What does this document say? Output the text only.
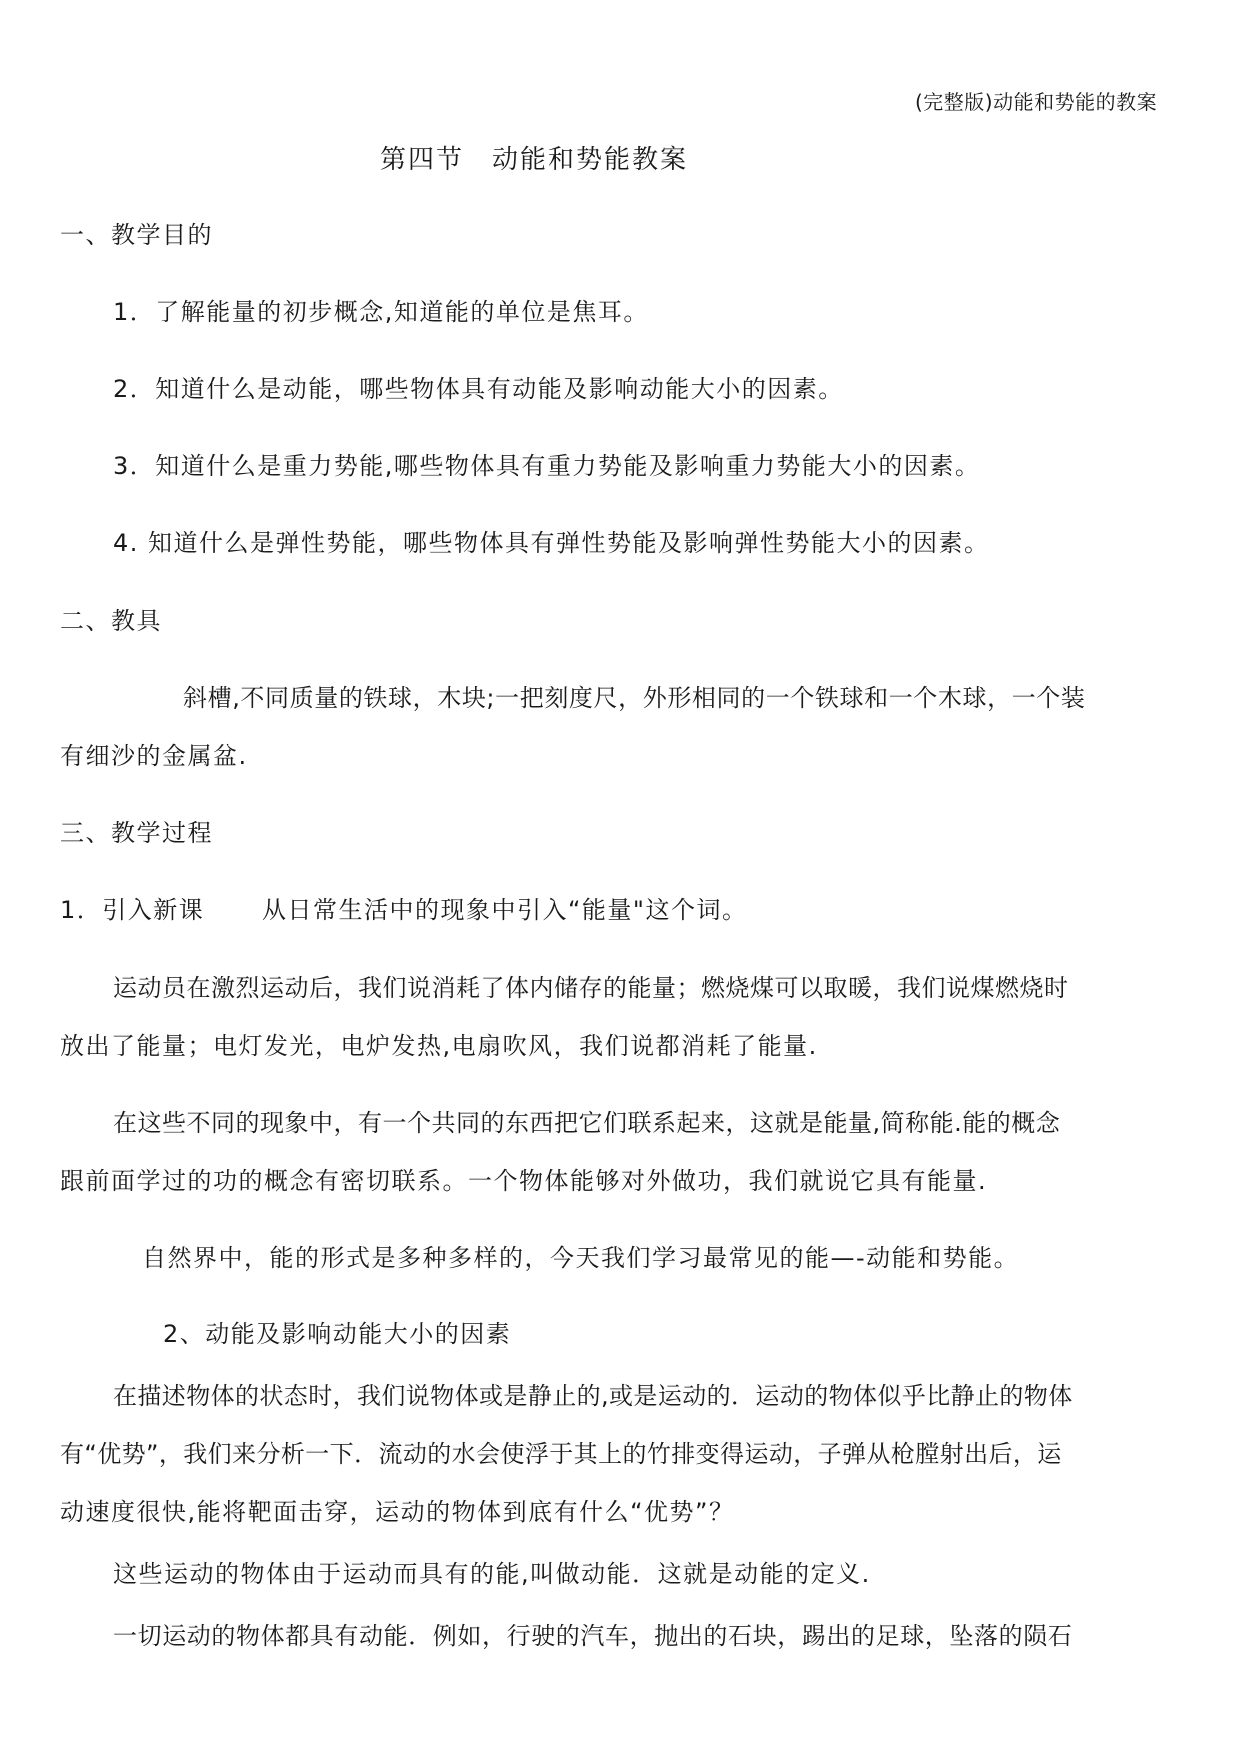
(完整版)动能和势能的教案
第四节　动能和势能教案
一、教学目的
1．了解能量的初步概念,知道能的单位是焦耳。
2．知道什么是动能，哪些物体具有动能及影响动能大小的因素。
3．知道什么是重力势能,哪些物体具有重力势能及影响重力势能大小的因素。
4. 知道什么是弹性势能，哪些物体具有弹性势能及影响弹性势能大小的因素。
二、教具
斜槽,不同质量的铁球，木块;一把刻度尺，外形相同的一个铁球和一个木球，一个装
有细沙的金属盆.
三、教学过程
1．引入新课 从日常生活中的现象中引入“能量"这个词。
运动员在激烈运动后，我们说消耗了体内储存的能量；燃烧煤可以取暖，我们说煤燃烧时
放出了能量；电灯发光，电炉发热,电扇吹风，我们说都消耗了能量.
在这些不同的现象中，有一个共同的东西把它们联系起来，这就是能量,简称能.能的概念
跟前面学过的功的概念有密切联系。一个物体能够对外做功，我们就说它具有能量.
自然界中，能的形式是多种多样的，今天我们学习最常见的能—-动能和势能。
2、动能及影响动能大小的因素
在描述物体的状态时，我们说物体或是静止的,或是运动的．运动的物体似乎比静止的物体
有“优势”，我们来分析一下．流动的水会使浮于其上的竹排变得运动，子弹从枪膛射出后，运
动速度很快,能将靶面击穿，运动的物体到底有什么“优势”？
这些运动的物体由于运动而具有的能,叫做动能．这就是动能的定义.
一切运动的物体都具有动能．例如，行驶的汽车，抛出的石块，踢出的足球，坠落的陨石
